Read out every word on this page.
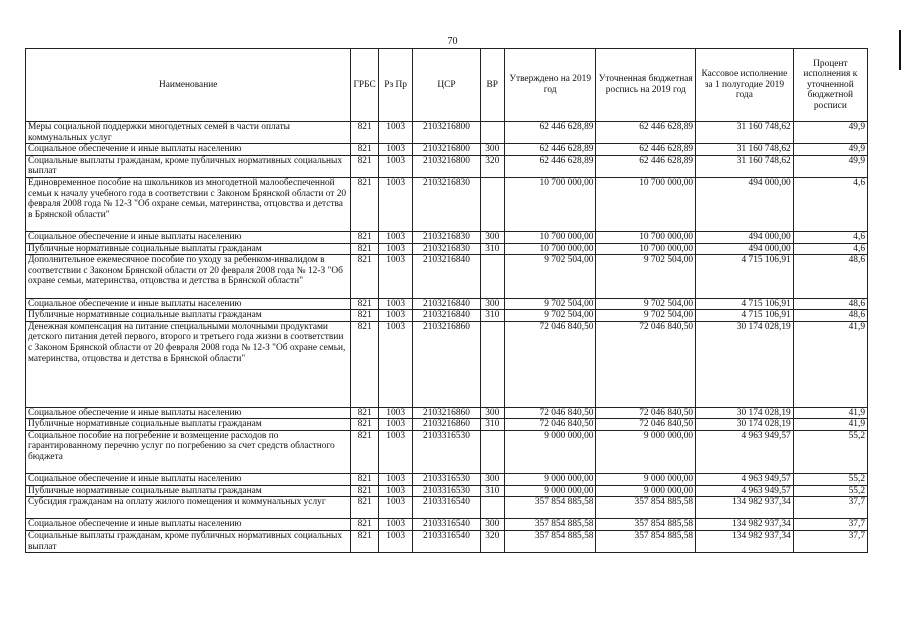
70
Наименование	ГРБС	Рз Пр	ЦСР	ВР	Утверждено на 2019 год	Уточненная бюджетная роспись на 2019 год	Кассовое исполнение за 1 полугодие 2019 года	Процент исполнения к уточненной бюджетной росписи
Меры социальной поддержки многодетных семей в части оплаты коммунальных услуг	821	1003	2103216800		62 446 628,89	62 446 628,89	31 160 748,62	49,9
Социальное обеспечение и иные выплаты населению	821	1003	2103216800	300	62 446 628,89	62 446 628,89	31 160 748,62	49,9
Социальные выплаты гражданам, кроме публичных нормативных социальных выплат	821	1003	2103216800	320	62 446 628,89	62 446 628,89	31 160 748,62	49,9
Единовременное пособие на школьников из многодетной малообеспеченной семьи к началу учебного года в соответствии с Законом Брянской области от 20 февраля 2008 года № 12-З "Об охране семьи, материнства, отцовства и детства в Брянской области"	821	1003	2103216830		10 700 000,00	10 700 000,00	494 000,00	4,6
Социальное обеспечение и иные выплаты населению	821	1003	2103216830	300	10 700 000,00	10 700 000,00	494 000,00	4,6
Публичные нормативные социальные выплаты гражданам	821	1003	2103216830	310	10 700 000,00	10 700 000,00	494 000,00	4,6
Дополнительное ежемесячное пособие по уходу за ребенком-инвалидом в соответствии с Законом Брянской области от 20 февраля 2008 года № 12-З "Об охране семьи, материнства, отцовства и детства в Брянской области"	821	1003	2103216840		9 702 504,00	9 702 504,00	4 715 106,91	48,6
Социальное обеспечение и иные выплаты населению	821	1003	2103216840	300	9 702 504,00	9 702 504,00	4 715 106,91	48,6
Публичные нормативные социальные выплаты гражданам	821	1003	2103216840	310	9 702 504,00	9 702 504,00	4 715 106,91	48,6
Денежная компенсация на питание специальными молочными продуктами детского питания детей первого, второго и третьего года жизни в соответствии с Законом Брянской области от 20 февраля 2008 года № 12-З "Об охране семьи, материнства, отцовства и детства в Брянской области"	821	1003	2103216860		72 046 840,50	72 046 840,50	30 174 028,19	41,9
Социальное обеспечение и иные выплаты населению	821	1003	2103216860	300	72 046 840,50	72 046 840,50	30 174 028,19	41,9
Публичные нормативные социальные выплаты гражданам	821	1003	2103216860	310	72 046 840,50	72 046 840,50	30 174 028,19	41,9
Социальное пособие на погребение и возмещение расходов по гарантированному перечню услуг по погребению за счет средств областного бюджета	821	1003	2103316530		9 000 000,00	9 000 000,00	4 963 949,57	55,2
Социальное обеспечение и иные выплаты населению	821	1003	2103316530	300	9 000 000,00	9 000 000,00	4 963 949,57	55,2
Публичные нормативные социальные выплаты гражданам	821	1003	2103316530	310	9 000 000,00	9 000 000,00	4 963 949,57	55,2
Субсидия гражданам на оплату жилого помещения и коммунальных услуг	821	1003	2103316540		357 854 885,58	357 854 885,58	134 982 937,34	37,7
Социальное обеспечение и иные выплаты населению	821	1003	2103316540	300	357 854 885,58	357 854 885,58	134 982 937,34	37,7
Социальные выплаты гражданам, кроме публичных нормативных социальных выплат	821	1003	2103316540	320	357 854 885,58	357 854 885,58	134 982 937,34	37,7
